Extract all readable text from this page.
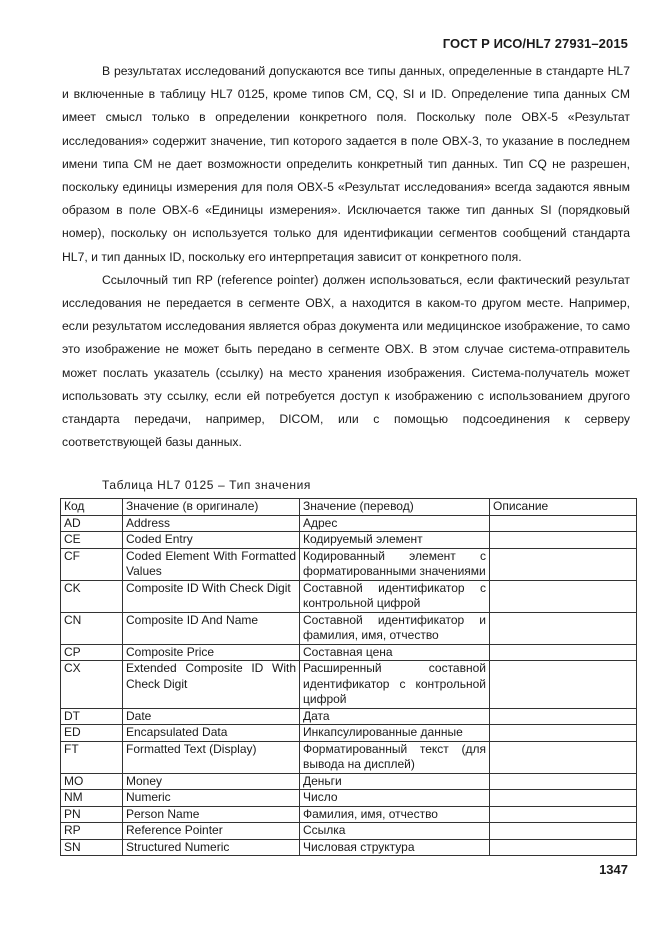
ГОСТ Р ИСО/HL7 27931–2015

В результатах исследований допускаются все типы данных, определенные в стандарте HL7 и включенные в таблицу HL7 0125, кроме типов CM, CQ, SI и ID. Определение типа данных CM имеет смысл только в определении конкретного поля. Поскольку поле OBX-5 «Результат исследования» содержит значение, тип которого задается в поле OBX-3, то указание в последнем имени типа CM не дает возможности определить конкретный тип данных. Тип CQ не разрешен, поскольку единицы измерения для поля OBX-5 «Результат исследования» всегда задаются явным образом в поле OBX-6 «Единицы измерения». Исключается также тип данных SI (порядковый номер), поскольку он используется только для идентификации сегментов сообщений стандарта HL7, и тип данных ID, поскольку его интерпретация зависит от конкретного поля.

Ссылочный тип RP (reference pointer) должен использоваться, если фактический результат исследования не передается в сегменте OBX, а находится в каком-то другом месте. Например, если результатом исследования является образ документа или медицинское изображение, то само это изображение не может быть передано в сегменте OBX. В этом случае система-отправитель может послать указатель (ссылку) на место хранения изображения. Система-получатель может использовать эту ссылку, если ей потребуется доступ к изображению с использованием другого стандарта передачи, например, DICOM, или с помощью подсоединения к серверу соответствующей базы данных.

Таблица HL7 0125 – Тип значения
Код	Значение (в оригинале)	Значение (перевод)	Описание
AD	Address	Адрес	
CE	Coded Entry	Кодируемый элемент	
CF	Coded Element With Formatted Values	Кодированный элемент с форматированными значениями	
CK	Composite ID With Check Digit	Составной идентификатор с контрольной цифрой	
CN	Composite ID And Name	Составной идентификатор и фамилия, имя, отчество	
CP	Composite Price	Составная цена	
CX	Extended Composite ID With Check Digit	Расширенный составной идентификатор с контрольной цифрой	
DT	Date	Дата	
ED	Encapsulated Data	Инкапсулированные данные	
FT	Formatted Text (Display)	Форматированный текст (для вывода на дисплей)	
MO	Money	Деньги	
NM	Numeric	Число	
PN	Person Name	Фамилия, имя, отчество	
RP	Reference Pointer	Ссылка	
SN	Structured Numeric	Числовая структура	
1347
